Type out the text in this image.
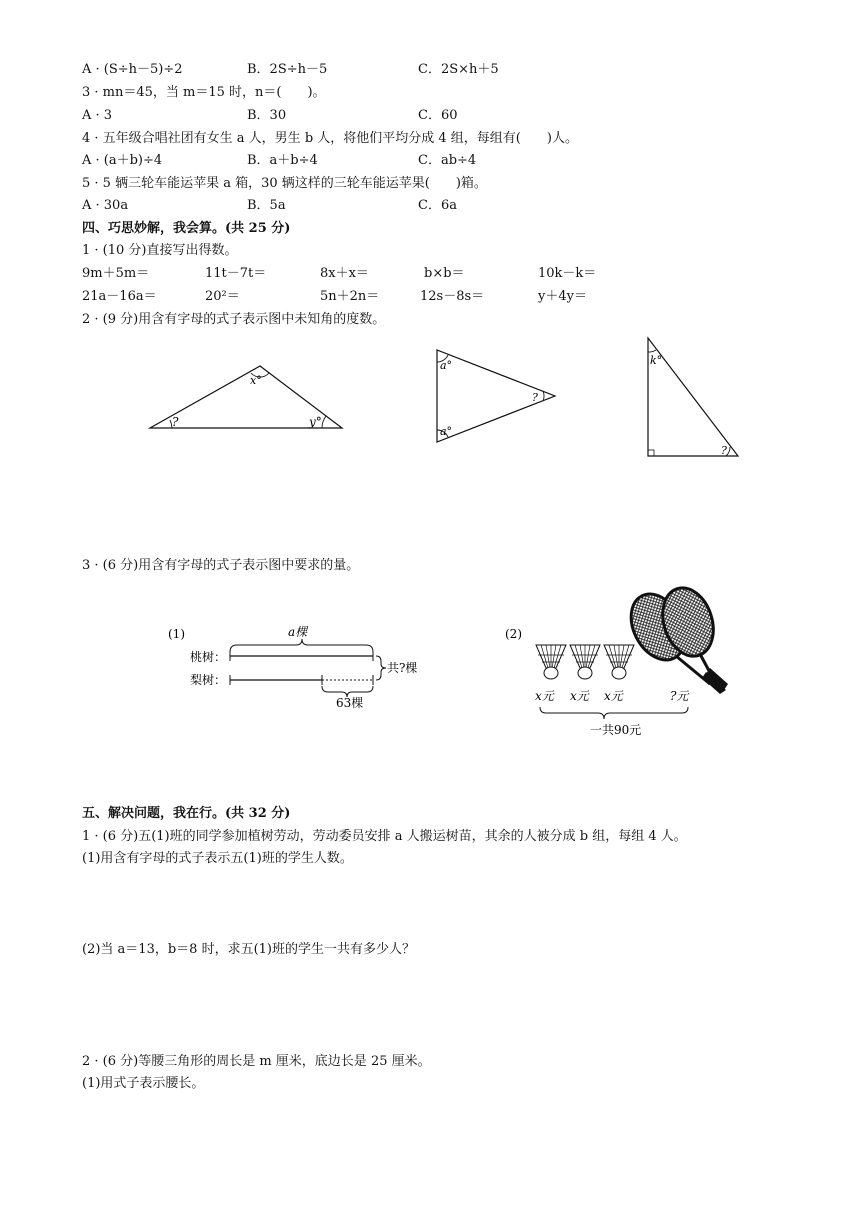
A · (S÷h－5)÷2	B．2S÷h－5	C．2S×h＋5
3 · mn＝45，当 m＝15 时，n＝(　　)。
A · 3	B．30	C．60
4 · 五年级合唱社团有女生 a 人，男生 b 人，将他们平均分成 4 组，每组有(　　)人。
A · (a＋b)÷4	B．a＋b÷4	C．ab÷4
5 · 5 辆三轮车能运苹果 a 箱，30 辆这样的三轮车能运苹果(　　)箱。
A · 30a	B．5a	C．6a
四、巧思妙解，我会算。(共 25 分)
1 · (10 分)直接写出得数。
9m＋5m＝	11t－7t＝	8x＋x＝	b×b＝	10k－k＝
21a－16a＝	20²＝	5n＋2n＝	12s－8s＝	y＋4y＝
2 · (9 分)用含有字母的式子表示图中未知角的度数。
x°
?	y°
a°
a°
?
k°
?
3 · (6 分)用含有字母的式子表示图中要求的量。
(1)	a棵
桃树：
梨树：
63棵
共?棵
(2)
x元 x元 x元	?元
一共90元
五、解决问题，我在行。(共 32 分)
1 · (6 分)五(1)班的同学参加植树劳动，劳动委员安排 a 人搬运树苗，其余的人被分成 b 组，每组 4 人。
(1)用含有字母的式子表示五(1)班的学生人数。
(2)当 a＝13，b＝8 时，求五(1)班的学生一共有多少人？
2 · (6 分)等腰三角形的周长是 m 厘米，底边长是 25 厘米。
(1)用式子表示腰长。
